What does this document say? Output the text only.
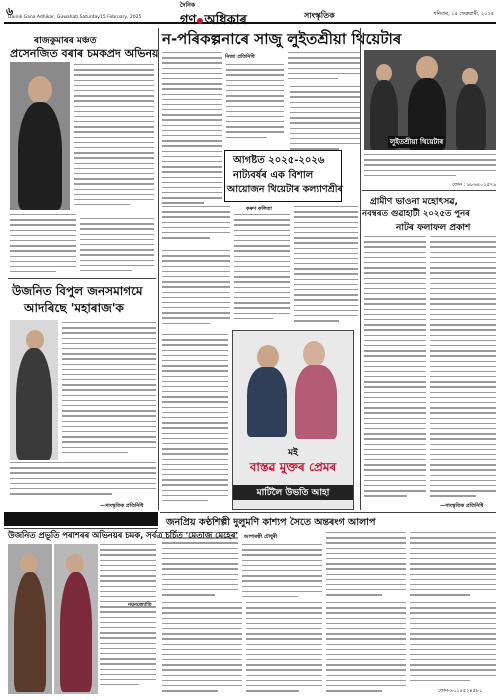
৬
Dainik Gana Adhikar, Guwahati,Saturday15 February, 2025
দৈনিক
গণ অধিকাৰ	সাংস্কৃতিক	শনিবাৰ, ১৫ ফেব্ৰুৱাৰী, ২০২৫
ৰাজকুমাৰৰ মঞ্চত
প্ৰসেনজিত বৰাৰ চমকপ্ৰদ অভিনয়
উজনিত বিপুল জনসমাগমে
আদৰিছে 'মহাৰাজ'ক
—সাংস্কৃতিক প্ৰতিনিধি
ন-পৰিকল্পনাৰে সাজু লুইতশ্ৰীয়া থিয়েটাৰ
নিজা প্ৰতিনিধি
লুইতশ্ৰীয়া থিয়েটাৰ
আগষ্টত ২০২৫-২০২৬
নাট্যবৰ্ষৰ এক বিশাল
আয়োজন থিয়েটাৰ কল্যাণশ্ৰীৰ
কৰুণ কলিতা
মই
বাস্তৱ মুক্তৰ প্ৰেমৰ
মাটিলৈ উভতি আহা
ফোন : ৯৮৬৪০২৫৭৯
গ্ৰামীণ ভাওনা মহোৎসৱ,
নবম্বৰত গুৱাহাটী ২০২৫ত পুনৰ
নাটৰ ফলাফল প্ৰকাশ
—সাংস্কৃতিক প্ৰতিনিধি
জনপ্ৰিয় কণ্ঠশিল্পী দুলুমণি কাশ্যপ সৈতে অন্তৰংগ আলাপ
আশাৰত্নী চৌধুৰী
উজনিত প্ৰভূতি পৰাশৰৰ অভিনয়ৰ চমক, সৰ্বত্ৰ চৰ্চিত 'মেতাজ মেহেৰ'
নয়নজ্যোতি
ফোন-৯০১৪৫২৪৫৮১
